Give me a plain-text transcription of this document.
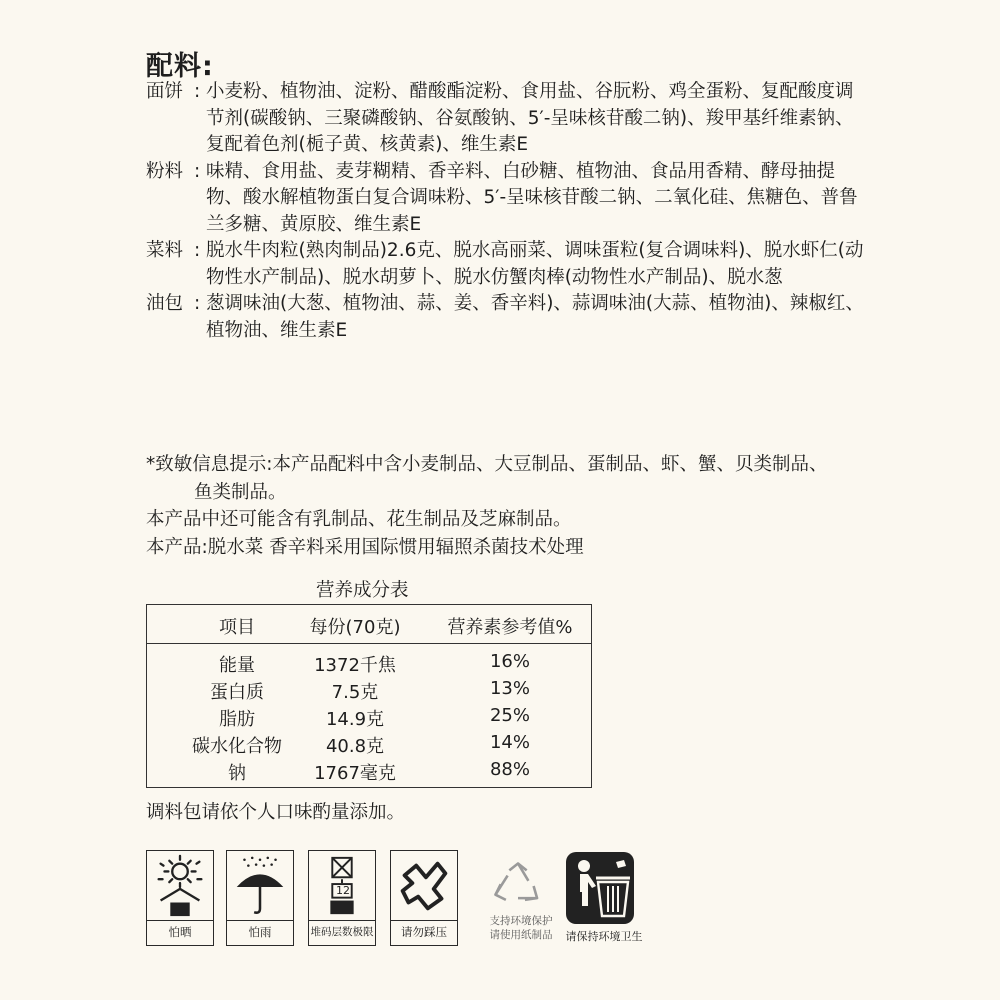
配料:
面饼 : 小麦粉、植物油、淀粉、醋酸酯淀粉、食用盐、谷朊粉、鸡全蛋粉、复配酸度调节剂(碳酸钠、三聚磷酸钠、谷氨酸钠、5′-呈味核苷酸二钠)、羧甲基纤维素钠、复配着色剂(栀子黄、核黄素)、维生素E
粉料 : 味精、食用盐、麦芽糊精、香辛料、白砂糖、植物油、食品用香精、酵母抽提物、酸水解植物蛋白复合调味粉、5′-呈味核苷酸二钠、二氧化硅、焦糖色、普鲁兰多糖、黄原胶、维生素E
菜料 : 脱水牛肉粒(熟肉制品)2.6克、脱水高丽菜、调味蛋粒(复合调味料)、脱水虾仁(动物性水产制品)、脱水胡萝卜、脱水仿蟹肉棒(动物性水产制品)、脱水葱
油包 : 葱调味油(大葱、植物油、蒜、姜、香辛料)、蒜调味油(大蒜、植物油)、辣椒红、植物油、维生素E
*致敏信息提示:本产品配料中含小麦制品、大豆制品、蛋制品、虾、蟹、贝类制品、
鱼类制品。
本产品中还可能含有乳制品、花生制品及芝麻制品。
本产品:脱水菜 香辛料采用国际惯用辐照杀菌技术处理
营养成分表
项目	每份(70克)	营养素参考值%
能量	1372千焦	16%
蛋白质	7.5克	13%
脂肪	14.9克	25%
碳水化合物	40.8克	14%
钠	1767毫克	88%
调料包请依个人口味酌量添加。
怕晒	怕雨
12
堆码层数极限	请勿踩压
支持环境保护
请使用纸制品	请保持环境卫生
